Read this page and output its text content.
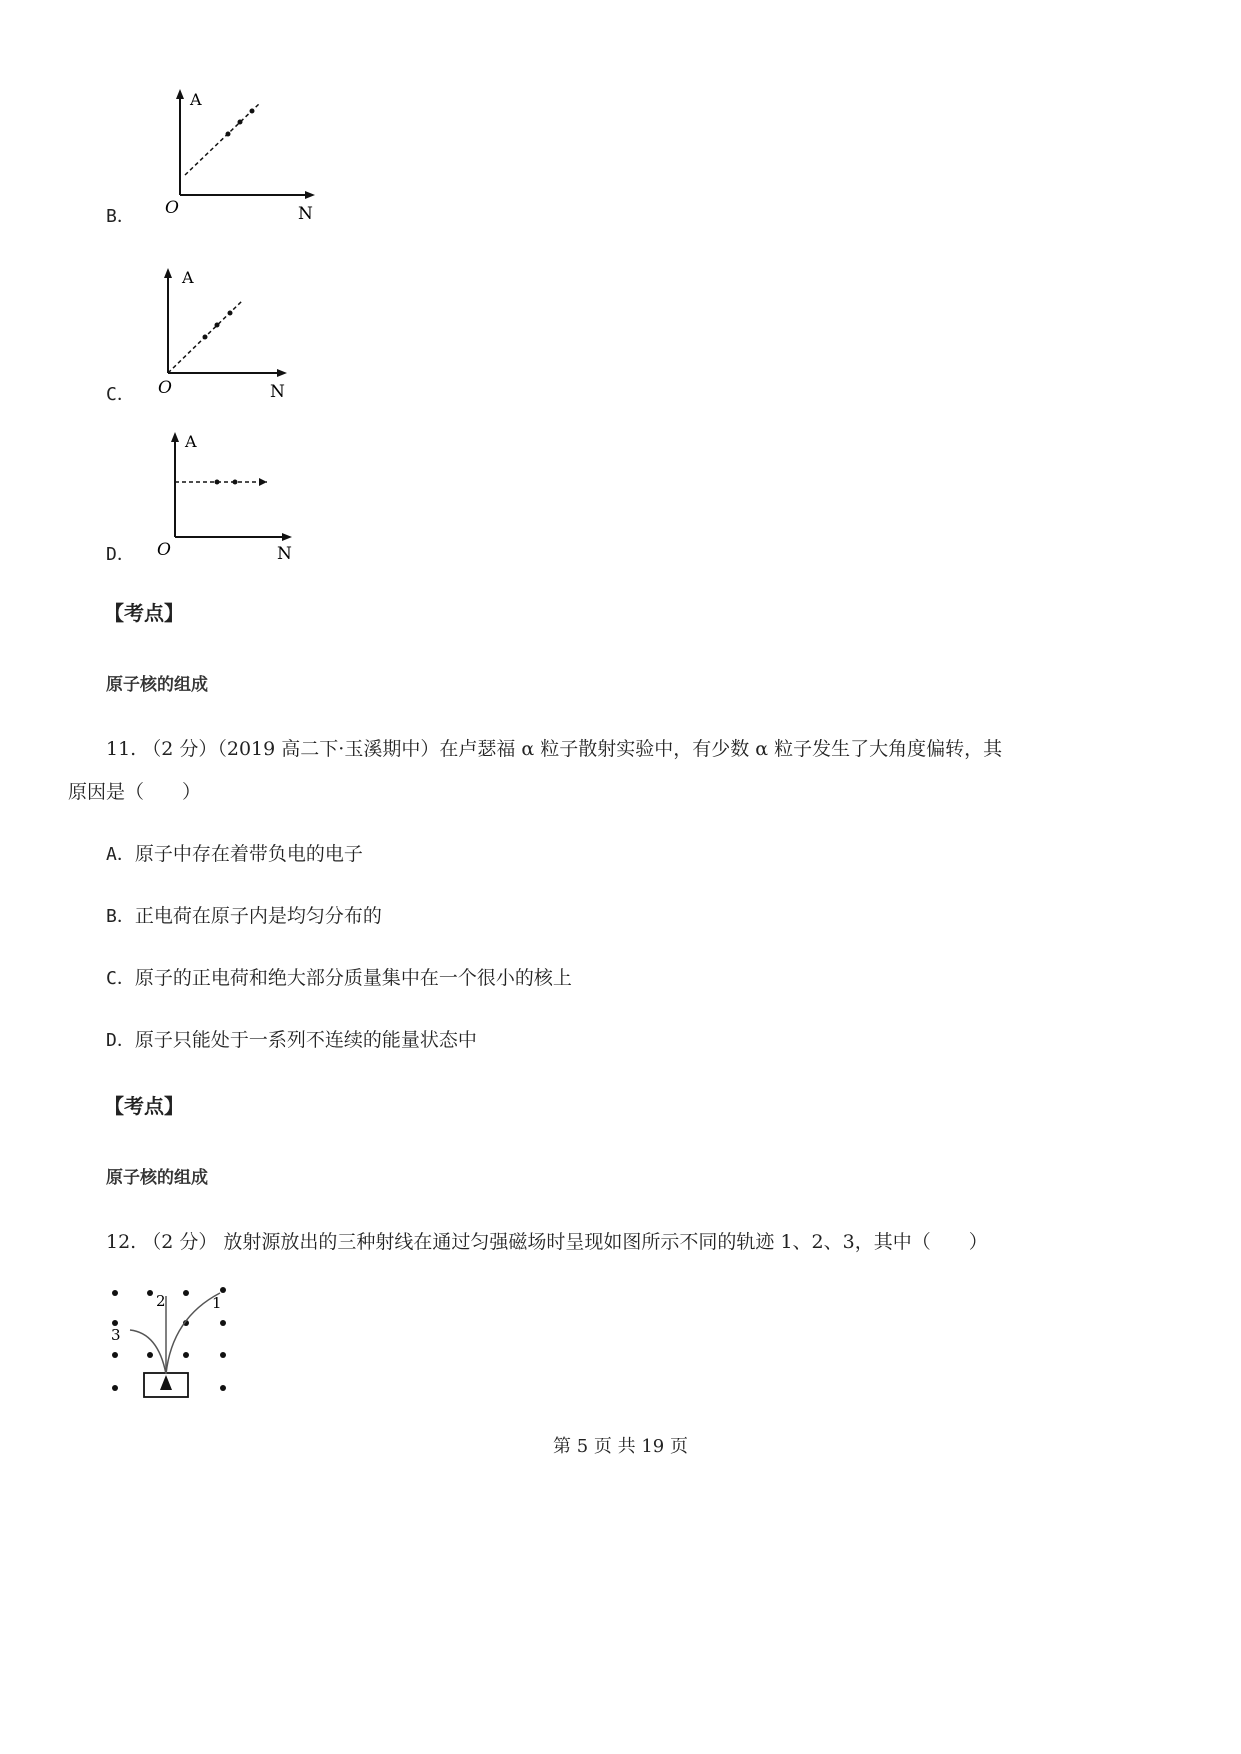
B．
A
O	N
C．
A
O	N
D．
A
O	N
【考点】
原子核的组成
11. （2 分）（2019 高二下·玉溪期中）在卢瑟福 α 粒子散射实验中，有少数 α 粒子发生了大角度偏转，其
原因是（　　）
A．原子中存在着带负电的电子
B．正电荷在原子内是均匀分布的
C．原子的正电荷和绝大部分质量集中在一个很小的核上
D．原子只能处于一系列不连续的能量状态中
【考点】
原子核的组成
12. （2 分） 放射源放出的三种射线在通过匀强磁场时呈现如图所示不同的轨迹 1、2、3，其中（　　）
2	1
3
第 5 页 共 19 页
